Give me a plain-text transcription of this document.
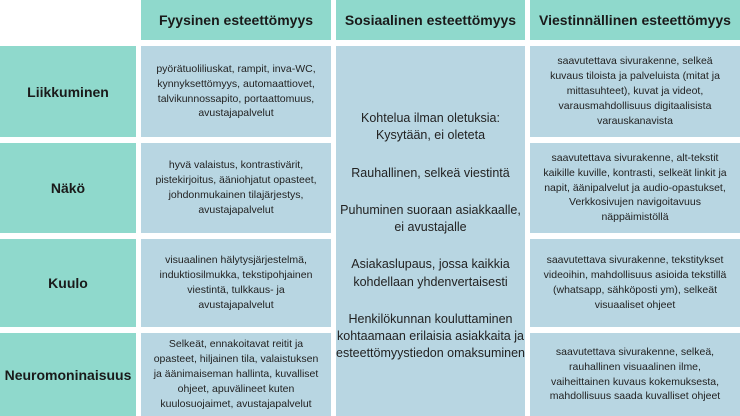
Fyysinen esteettömyys	Sosiaalinen esteettömyys	Viestinnällinen esteettömyys
Liikkuminen
pyörätuoliliuskat, rampit, inva-WC, kynnyksettömyys, automaattiovet, talvikunnossapito, portaattomuus, avustajapalvelut
saavutettava sivurakenne, selkeä kuvaus tiloista ja palveluista (mitat ja mittasuhteet), kuvat ja videot, varausmahdollisuus digitaalisista varauskanavista
Näkö
hyvä valaistus, kontrastivärit, pistekirjoitus, ääniohjatut opasteet, johdonmukainen tilajärjestys, avustajapalvelut
saavutettava sivurakenne, alt-tekstit kaikille kuville, kontrasti, selkeät linkit ja napit, äänipalvelut ja audio-opastukset, Verkkosivujen navigoitavuus näppäimistöllä
Kuulo
visuaalinen hälytysjärjestelmä, induktiosilmukka, tekstipohjainen viestintä, tulkkaus- ja avustajapalvelut
saavutettava sivurakenne, tekstitykset videoihin, mahdollisuus asioida tekstillä (whatsapp, sähköposti ym), selkeät visuaaliset ohjeet
Neuromoninaisuus
Selkeät, ennakoitavat reitit ja opasteet, hiljainen tila, valaistuksen ja äänimaiseman hallinta, kuvalliset ohjeet, apuvälineet kuten kuulosuojaimet, avustajapalvelut
saavutettava sivurakenne, selkeä, rauhallinen visuaalinen ilme, vaiheittainen kuvaus kokemuksesta, mahdollisuus saada kuvalliset ohjeet

Kohtelua ilman oletuksia: Kysytään, ei oleteta

Rauhallinen, selkeä viestintä

Puhuminen suoraan asiakkaalle, ei avustajalle

Asiakaslupaus, jossa kaikkia kohdellaan yhdenvertaisesti

Henkilökunnan kouluttaminen kohtaamaan erilaisia asiakkaita ja esteettömyystiedon omaksuminen
